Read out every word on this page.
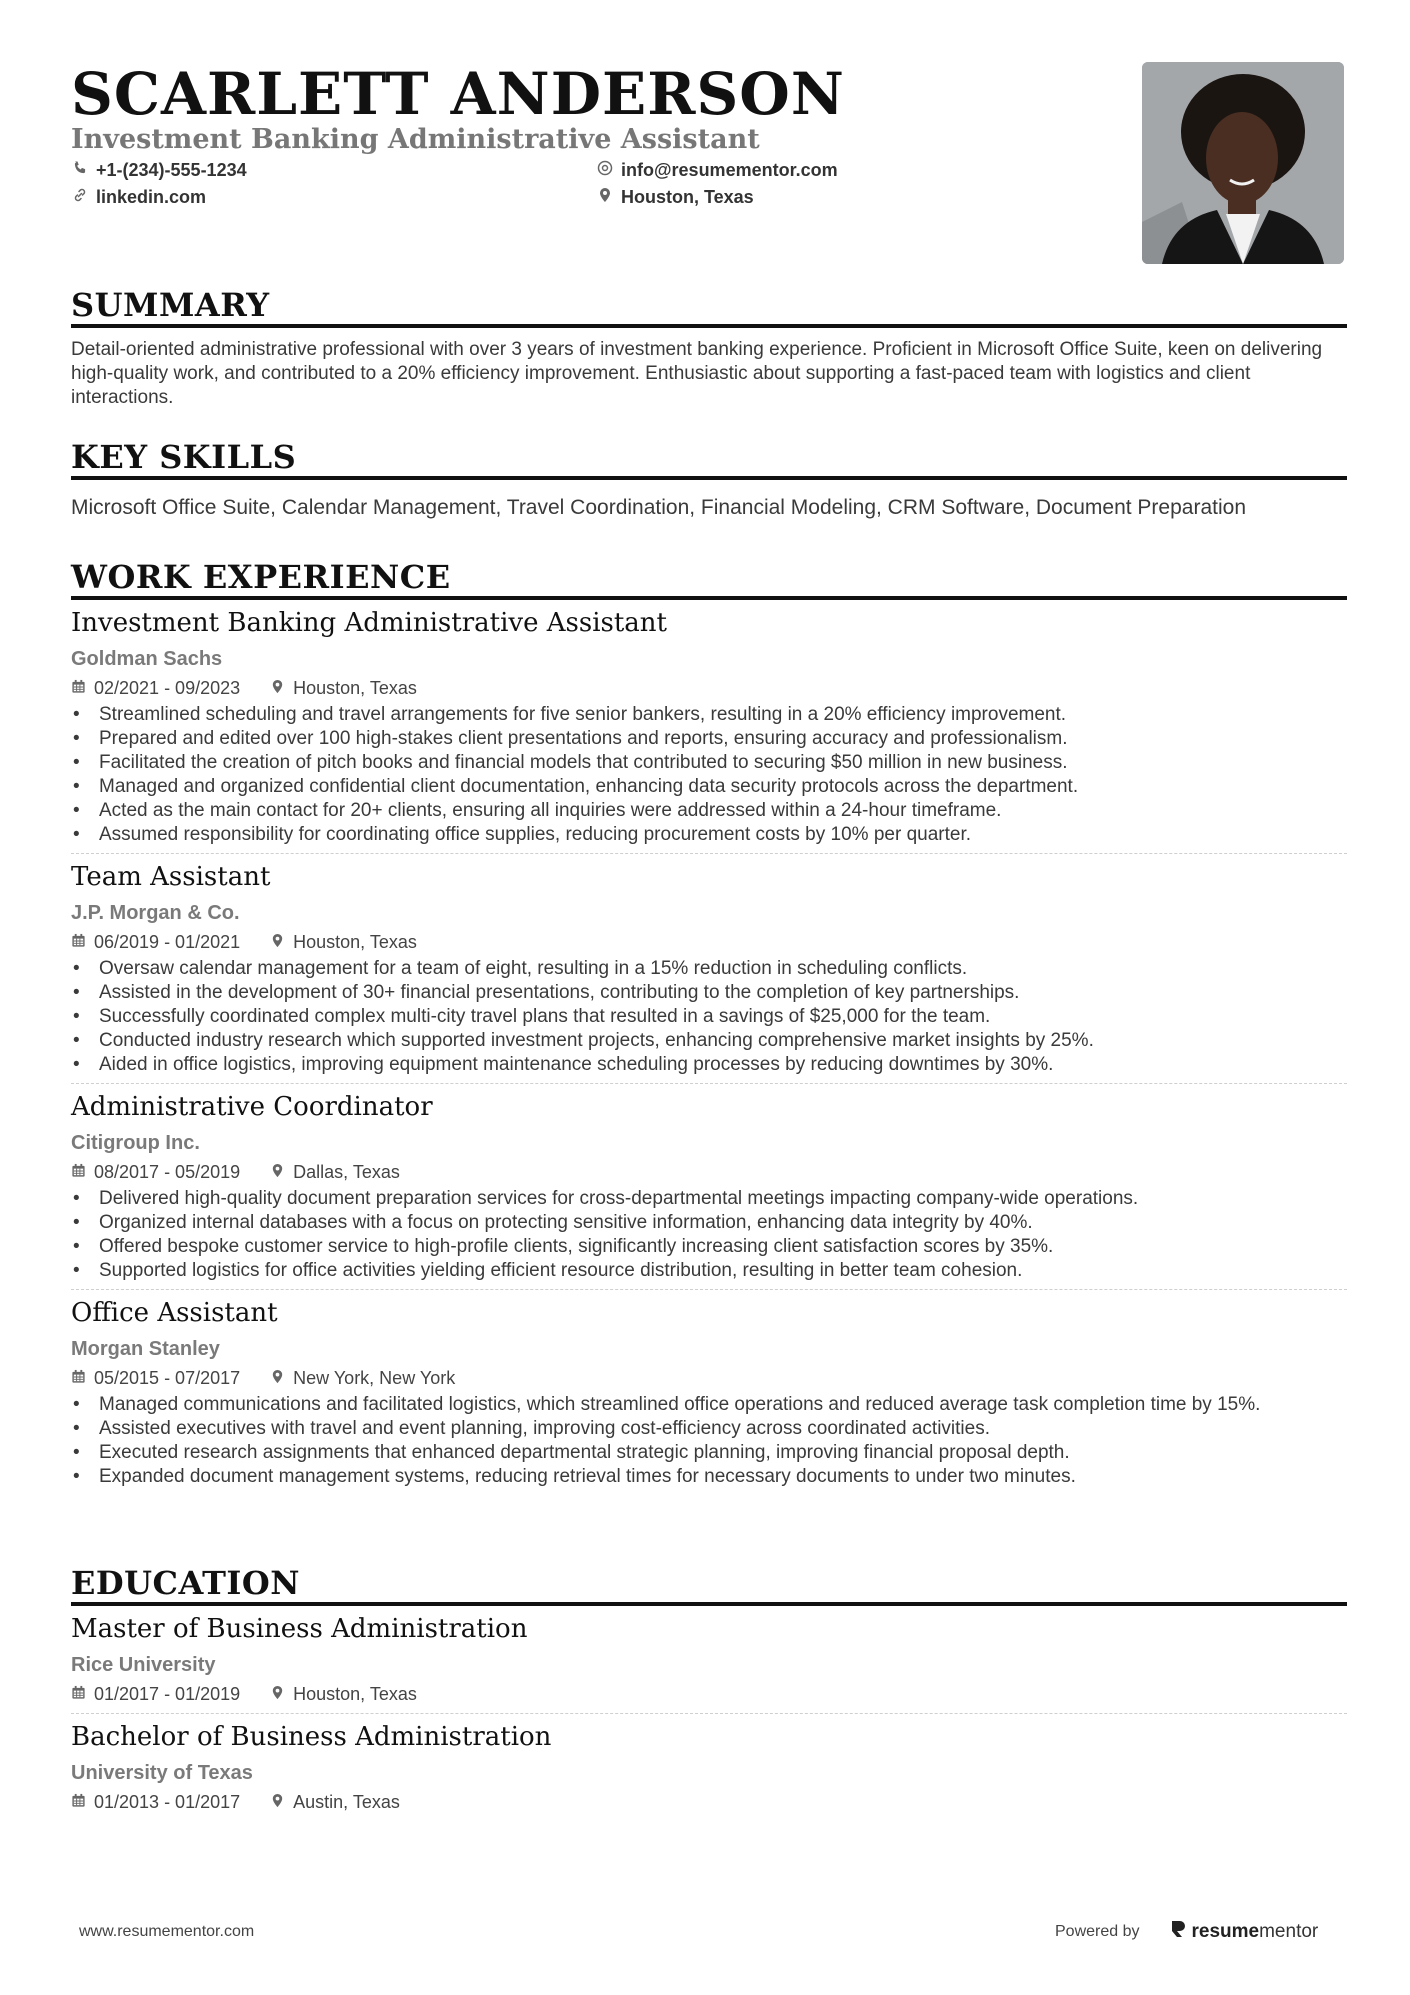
SCARLETT ANDERSON
Investment Banking Administrative Assistant
+1-(234)-555-1234	info@resumementor.com
linkedin.com	Houston, Texas
SUMMARY
Detail-oriented administrative professional with over 3 years of investment banking experience. Proficient in Microsoft Office Suite, keen on delivering high-quality work, and contributed to a 20% efficiency improvement. Enthusiastic about supporting a fast-paced team with logistics and client interactions.
KEY SKILLS
Microsoft Office Suite, Calendar Management, Travel Coordination, Financial Modeling, CRM Software, Document Preparation
WORK EXPERIENCE
Investment Banking Administrative Assistant
Goldman Sachs
02/2021 - 09/2023	Houston, Texas
• Streamlined scheduling and travel arrangements for five senior bankers, resulting in a 20% efficiency improvement.
• Prepared and edited over 100 high-stakes client presentations and reports, ensuring accuracy and professionalism.
• Facilitated the creation of pitch books and financial models that contributed to securing $50 million in new business.
• Managed and organized confidential client documentation, enhancing data security protocols across the department.
• Acted as the main contact for 20+ clients, ensuring all inquiries were addressed within a 24-hour timeframe.
• Assumed responsibility for coordinating office supplies, reducing procurement costs by 10% per quarter.
Team Assistant
J.P. Morgan & Co.
06/2019 - 01/2021	Houston, Texas
• Oversaw calendar management for a team of eight, resulting in a 15% reduction in scheduling conflicts.
• Assisted in the development of 30+ financial presentations, contributing to the completion of key partnerships.
• Successfully coordinated complex multi-city travel plans that resulted in a savings of $25,000 for the team.
• Conducted industry research which supported investment projects, enhancing comprehensive market insights by 25%.
• Aided in office logistics, improving equipment maintenance scheduling processes by reducing downtimes by 30%.
Administrative Coordinator
Citigroup Inc.
08/2017 - 05/2019	Dallas, Texas
• Delivered high-quality document preparation services for cross-departmental meetings impacting company-wide operations.
• Organized internal databases with a focus on protecting sensitive information, enhancing data integrity by 40%.
• Offered bespoke customer service to high-profile clients, significantly increasing client satisfaction scores by 35%.
• Supported logistics for office activities yielding efficient resource distribution, resulting in better team cohesion.
Office Assistant
Morgan Stanley
05/2015 - 07/2017	New York, New York
• Managed communications and facilitated logistics, which streamlined office operations and reduced average task completion time by 15%.
• Assisted executives with travel and event planning, improving cost-efficiency across coordinated activities.
• Executed research assignments that enhanced departmental strategic planning, improving financial proposal depth.
• Expanded document management systems, reducing retrieval times for necessary documents to under two minutes.
EDUCATION
Master of Business Administration
Rice University
01/2017 - 01/2019	Houston, Texas
Bachelor of Business Administration
University of Texas
01/2013 - 01/2017	Austin, Texas
www.resumementor.com	Powered by	resumementor
